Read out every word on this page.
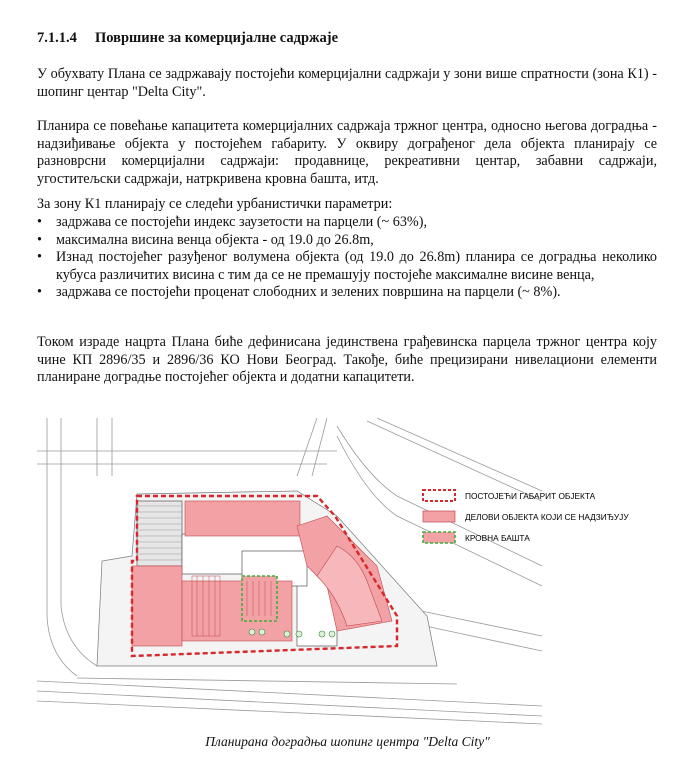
7.1.1.4 Површине за комерцијалне садржаје
У обухвату Плана се задржавају постојећи комерцијални садржаји у зони више спратности (зона К1) - шопинг центар "Delta City".
Планира се повећање капацитета комерцијалних садржаја тржног центра, односно његова доградња - надзиђивање објекта у постојећем габариту. У оквиру дограђеног дела објекта планирају се разноврсни комерцијални садржаји: продавнице, рекреативни центар, забавни садржаји, угоститељски садржаји, натркривена кровна башта, итд.
За зону К1 планирају се следећи урбанистички параметри:
• задржава се постојећи индекс заузетости на парцели (~ 63%),
• максимална висина венца објекта - од 19.0 до 26.8m,
• Изнад постојећег разуђеног волумена објекта (од 19.0 до 26.8m) планира се доградња неколико кубуса различитих висина с тим да се не премашују постојеће максималне висине венца,
• задржава се постојећи проценат слободних и зелених површина на парцели (~ 8%).
Током израде нацрта Плана биће дефинисана јединствена грађевинска парцела тржног центра коју чине КП 2896/35 и 2896/36 КО Нови Београд. Такође, биће прецизирани нивелациони елементи планиране доградње постојећег објекта и додатни капацитети.
ПОСТОЈЕЋИ ГАБАРИТ ОБЈЕКТА
ДЕЛОВИ ОБЈЕКТА КОЈИ СЕ НАДЗИЂУЈУ
КРОВНА БАШТА
Планирана доградња шопинг центра "Delta City"
